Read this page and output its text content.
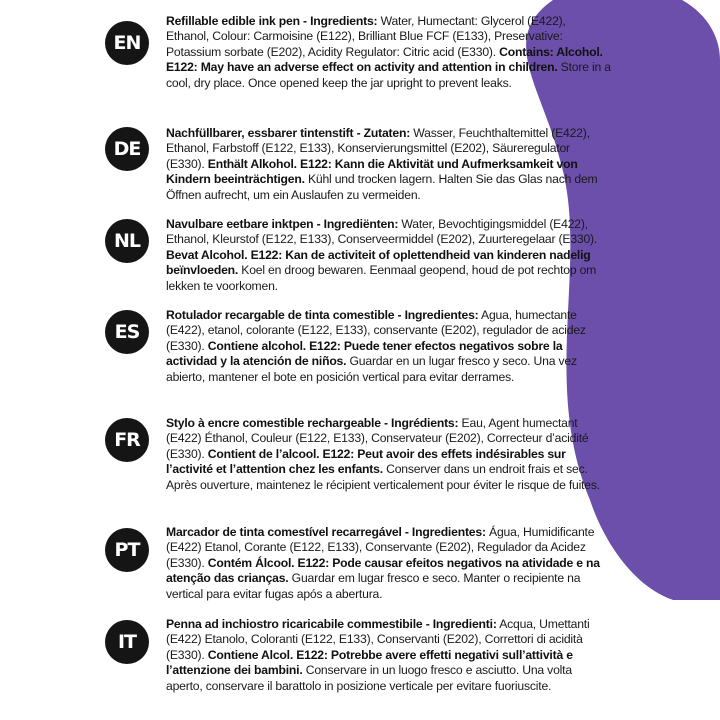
EN
Refillable edible ink pen - Ingredients: Water, Humectant: Glycerol (E422), Ethanol, Colour: Carmoisine (E122), Brilliant Blue FCF (E133), Preservative: Potassium sorbate (E202), Acidity Regulator: Citric acid (E330). Contains: Alcohol. E122: May have an adverse effect on activity and attention in children. Store in a cool, dry place. Once opened keep the jar upright to prevent leaks.
DE
Nachfüllbarer, essbarer tintenstift - Zutaten: Wasser, Feuchthaltemittel (E422), Ethanol, Farbstoff (E122, E133), Konservierungsmittel (E202), Säureregulator (E330). Enthält Alkohol. E122: Kann die Aktivität und Aufmerksamkeit von Kindern beeinträchtigen. Kühl und trocken lagern. Halten Sie das Glas nach dem Öffnen aufrecht, um ein Auslaufen zu vermeiden.
NL
Navulbare eetbare inktpen - Ingrediënten: Water, Bevochtigingsmiddel (E422), Ethanol, Kleurstof (E122, E133), Conserveermiddel (E202), Zuurteregelaar (E330). Bevat Alcohol. E122: Kan de activiteit of oplettendheid van kinderen nadelig beïnvloeden. Koel en droog bewaren. Eenmaal geopend, houd de pot rechtop om lekken te voorkomen.
ES
Rotulador recargable de tinta comestible - Ingredientes: Agua, humectante (E422), etanol, colorante (E122, E133), conservante (E202), regulador de acidez (E330). Contiene alcohol. E122: Puede tener efectos negativos sobre la actividad y la atención de niños. Guardar en un lugar fresco y seco. Una vez abierto, mantener el bote en posición vertical para evitar derrames.
FR
Stylo à encre comestible rechargeable - Ingrédients: Eau, Agent humectant (E422) Éthanol, Couleur (E122, E133), Conservateur (E202), Correcteur d’acidité (E330). Contient de l’alcool. E122: Peut avoir des effets indésirables sur l’activité et l’attention chez les enfants. Conserver dans un endroit frais et sec. Après ouverture, maintenez le récipient verticalement pour éviter le risque de fuites.
PT
Marcador de tinta comestível recarregável - Ingredientes: Água, Humidificante (E422) Etanol, Corante (E122, E133), Conservante (E202), Regulador da Acidez (E330). Contém Álcool. E122: Pode causar efeitos negativos na atividade e na atenção das crianças. Guardar em lugar fresco e seco. Manter o recipiente na vertical para evitar fugas após a abertura.
IT
Penna ad inchiostro ricaricabile commestibile - Ingredienti: Acqua, Umettanti (E422) Etanolo, Coloranti (E122, E133), Conservanti (E202), Correttori di acidità (E330). Contiene Alcol. E122: Potrebbe avere effetti negativi sull’attività e l’attenzione dei bambini. Conservare in un luogo fresco e asciutto. Una volta aperto, conservare il barattolo in posizione verticale per evitare fuoriuscite.
